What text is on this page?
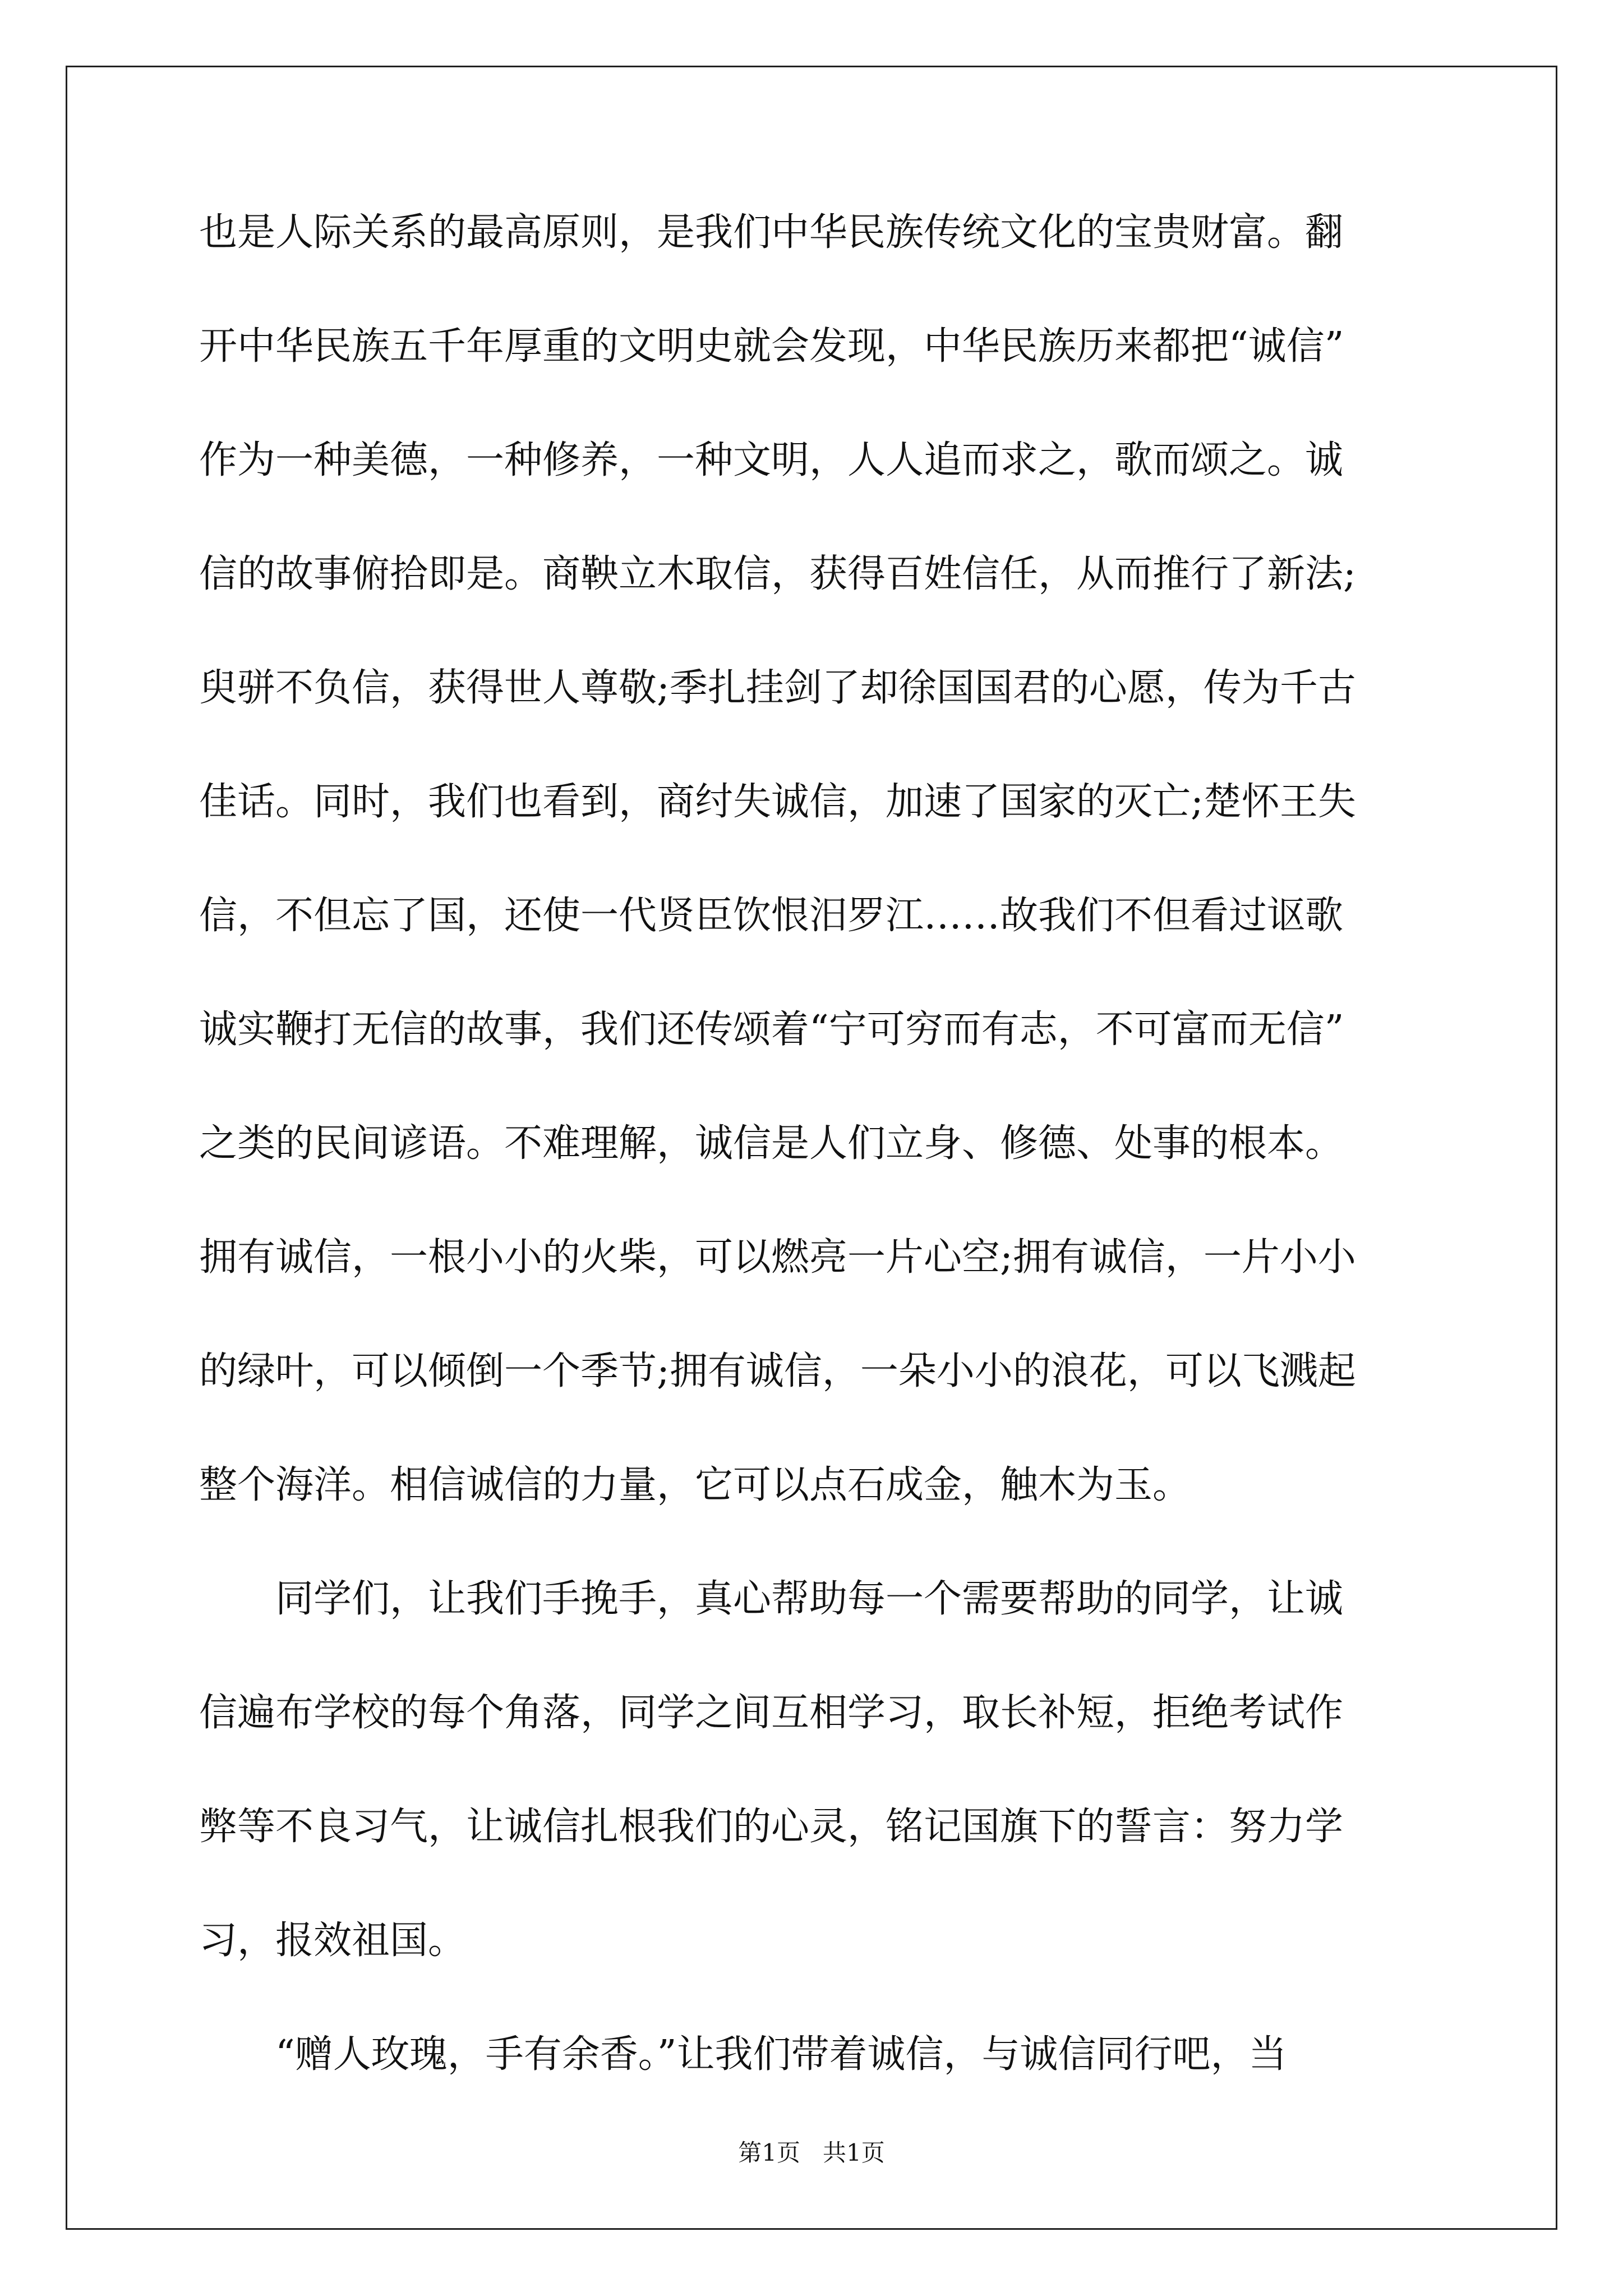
也是人际关系的最高原则，是我们中华民族传统文化的宝贵财富。翻
开中华民族五千年厚重的文明史就会发现，中华民族历来都把“诚信”
作为一种美德，一种修养，一种文明，人人追而求之，歌而颂之。诚
信的故事俯拾即是。商鞅立木取信，获得百姓信任，从而推行了新法;
臾骈不负信，获得世人尊敬;季扎挂剑了却徐国国君的心愿，传为千古
佳话。同时，我们也看到，商纣失诚信，加速了国家的灭亡;楚怀王失
信，不但忘了国，还使一代贤臣饮恨汨罗江……故我们不但看过讴歌
诚实鞭打无信的故事，我们还传颂着“宁可穷而有志，不可富而无信”
之类的民间谚语。不难理解，诚信是人们立身、修德、处事的根本。
拥有诚信，一根小小的火柴，可以燃亮一片心空;拥有诚信，一片小小
的绿叶，可以倾倒一个季节;拥有诚信，一朵小小的浪花，可以飞溅起
整个海洋。相信诚信的力量，它可以点石成金，触木为玉。
　　同学们，让我们手挽手，真心帮助每一个需要帮助的同学，让诚
信遍布学校的每个角落，同学之间互相学习，取长补短，拒绝考试作
弊等不良习气，让诚信扎根我们的心灵，铭记国旗下的誓言：努力学
习，报效祖国。
　　“赠人玫瑰，手有余香。”让我们带着诚信，与诚信同行吧，当
第1页   共1页
